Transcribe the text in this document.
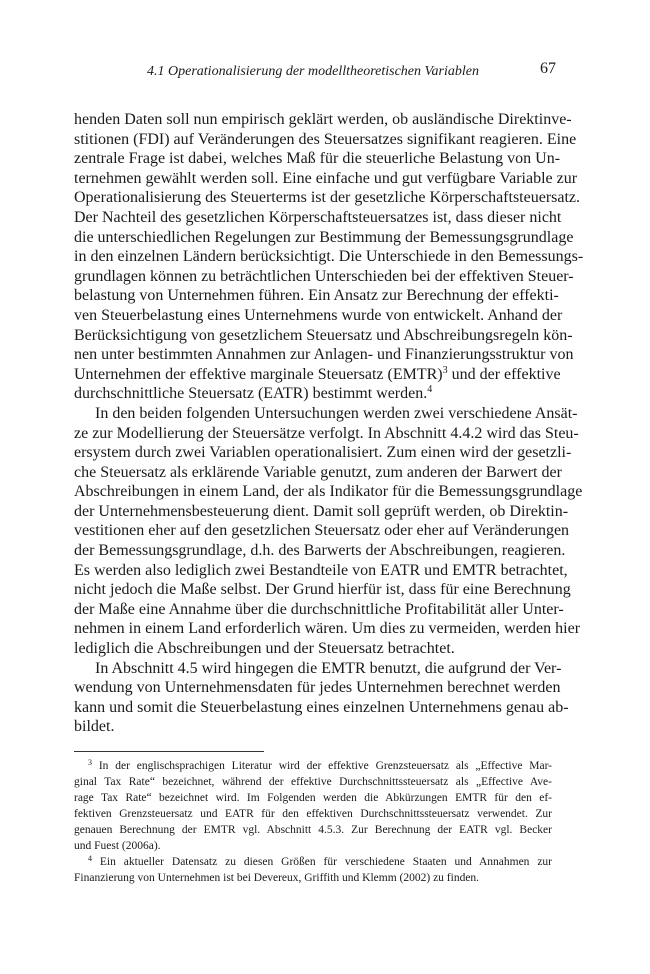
4.1 Operationalisierung der modelltheoretischen Variablen	67
henden Daten soll nun empirisch geklärt werden, ob ausländische Direktinve-
stitionen (FDI) auf Veränderungen des Steuersatzes signifikant reagieren. Eine
zentrale Frage ist dabei, welches Maß für die steuerliche Belastung von Un-
ternehmen gewählt werden soll. Eine einfache und gut verfügbare Variable zur
Operationalisierung des Steuerterms ist der gesetzliche Körperschaftsteuersatz.
Der Nachteil des gesetzlichen Körperschaftsteuersatzes ist, dass dieser nicht
die unterschiedlichen Regelungen zur Bestimmung der Bemessungsgrundlage
in den einzelnen Ländern berücksichtigt. Die Unterschiede in den Bemessungs-
grundlagen können zu beträchtlichen Unterschieden bei der effektiven Steuer-
belastung von Unternehmen führen. Ein Ansatz zur Berechnung der effekti-
ven Steuerbelastung eines Unternehmens wurde von entwickelt. Anhand der
Berücksichtigung von gesetzlichem Steuersatz und Abschreibungsregeln kön-
nen unter bestimmten Annahmen zur Anlagen- und Finanzierungsstruktur von
Unternehmen der effektive marginale Steuersatz (EMTR)$^3$ und der effektive
durchschnittliche Steuersatz (EATR) bestimmt werden.$^4$
In den beiden folgenden Untersuchungen werden zwei verschiedene Ansät-
ze zur Modellierung der Steuersätze verfolgt. In Abschnitt 4.4.2 wird das Steu-
ersystem durch zwei Variablen operationalisiert. Zum einen wird der gesetzli-
che Steuersatz als erklärende Variable genutzt, zum anderen der Barwert der
Abschreibungen in einem Land, der als Indikator für die Bemessungsgrundlage
der Unternehmensbesteuerung dient. Damit soll geprüft werden, ob Direktin-
vestitionen eher auf den gesetzlichen Steuersatz oder eher auf Veränderungen
der Bemessungsgrundlage, d.h. des Barwerts der Abschreibungen, reagieren.
Es werden also lediglich zwei Bestandteile von EATR und EMTR betrachtet,
nicht jedoch die Maße selbst. Der Grund hierfür ist, dass für eine Berechnung
der Maße eine Annahme über die durchschnittliche Profitabilität aller Unter-
nehmen in einem Land erforderlich wären. Um dies zu vermeiden, werden hier
lediglich die Abschreibungen und der Steuersatz betrachtet.
In Abschnitt 4.5 wird hingegen die EMTR benutzt, die aufgrund der Ver-
wendung von Unternehmensdaten für jedes Unternehmen berechnet werden
kann und somit die Steuerbelastung eines einzelnen Unternehmens genau ab-
bildet.
$^3$ In der englischsprachigen Literatur wird der effektive Grenzsteuersatz als „Effective Mar-
ginal Tax Rate“ bezeichnet, während der effektive Durchschnittssteuersatz als „Effective Ave-
rage Tax Rate“ bezeichnet wird. Im Folgenden werden die Abkürzungen EMTR für den ef-
fektiven Grenzsteuersatz und EATR für den effektiven Durchschnittssteuersatz verwendet. Zur
genauen Berechnung der EMTR vgl. Abschnitt 4.5.3. Zur Berechnung der EATR vgl. Becker
und Fuest (2006a).
$^4$ Ein aktueller Datensatz zu diesen Größen für verschiedene Staaten und Annahmen zur
Finanzierung von Unternehmen ist bei Devereux, Griffith und Klemm (2002) zu finden.
